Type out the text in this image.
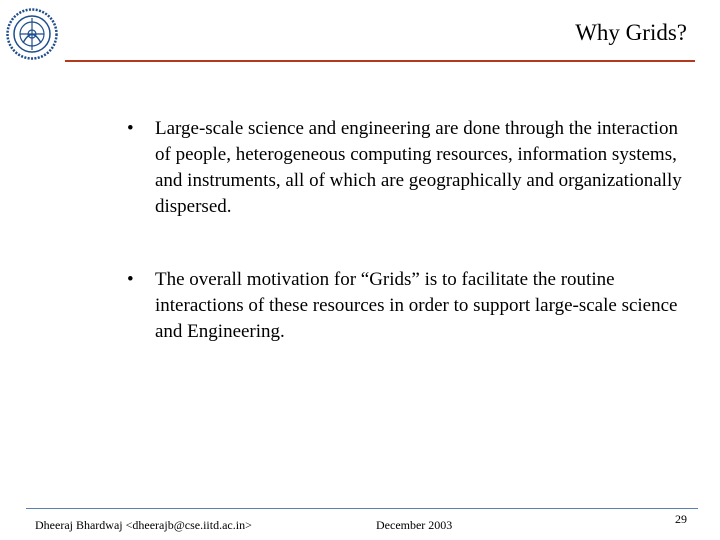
Why Grids?
• Large-scale science and engineering are done through the interaction of people, heterogeneous computing resources, information systems, and instruments, all of which are geographically and organizationally dispersed.
• The overall motivation for “Grids” is to facilitate the routine interactions of these resources in order to support large-scale science and Engineering.
Dheeraj Bhardwaj <dheerajb@cse.iitd.ac.in>	December 2003	29
